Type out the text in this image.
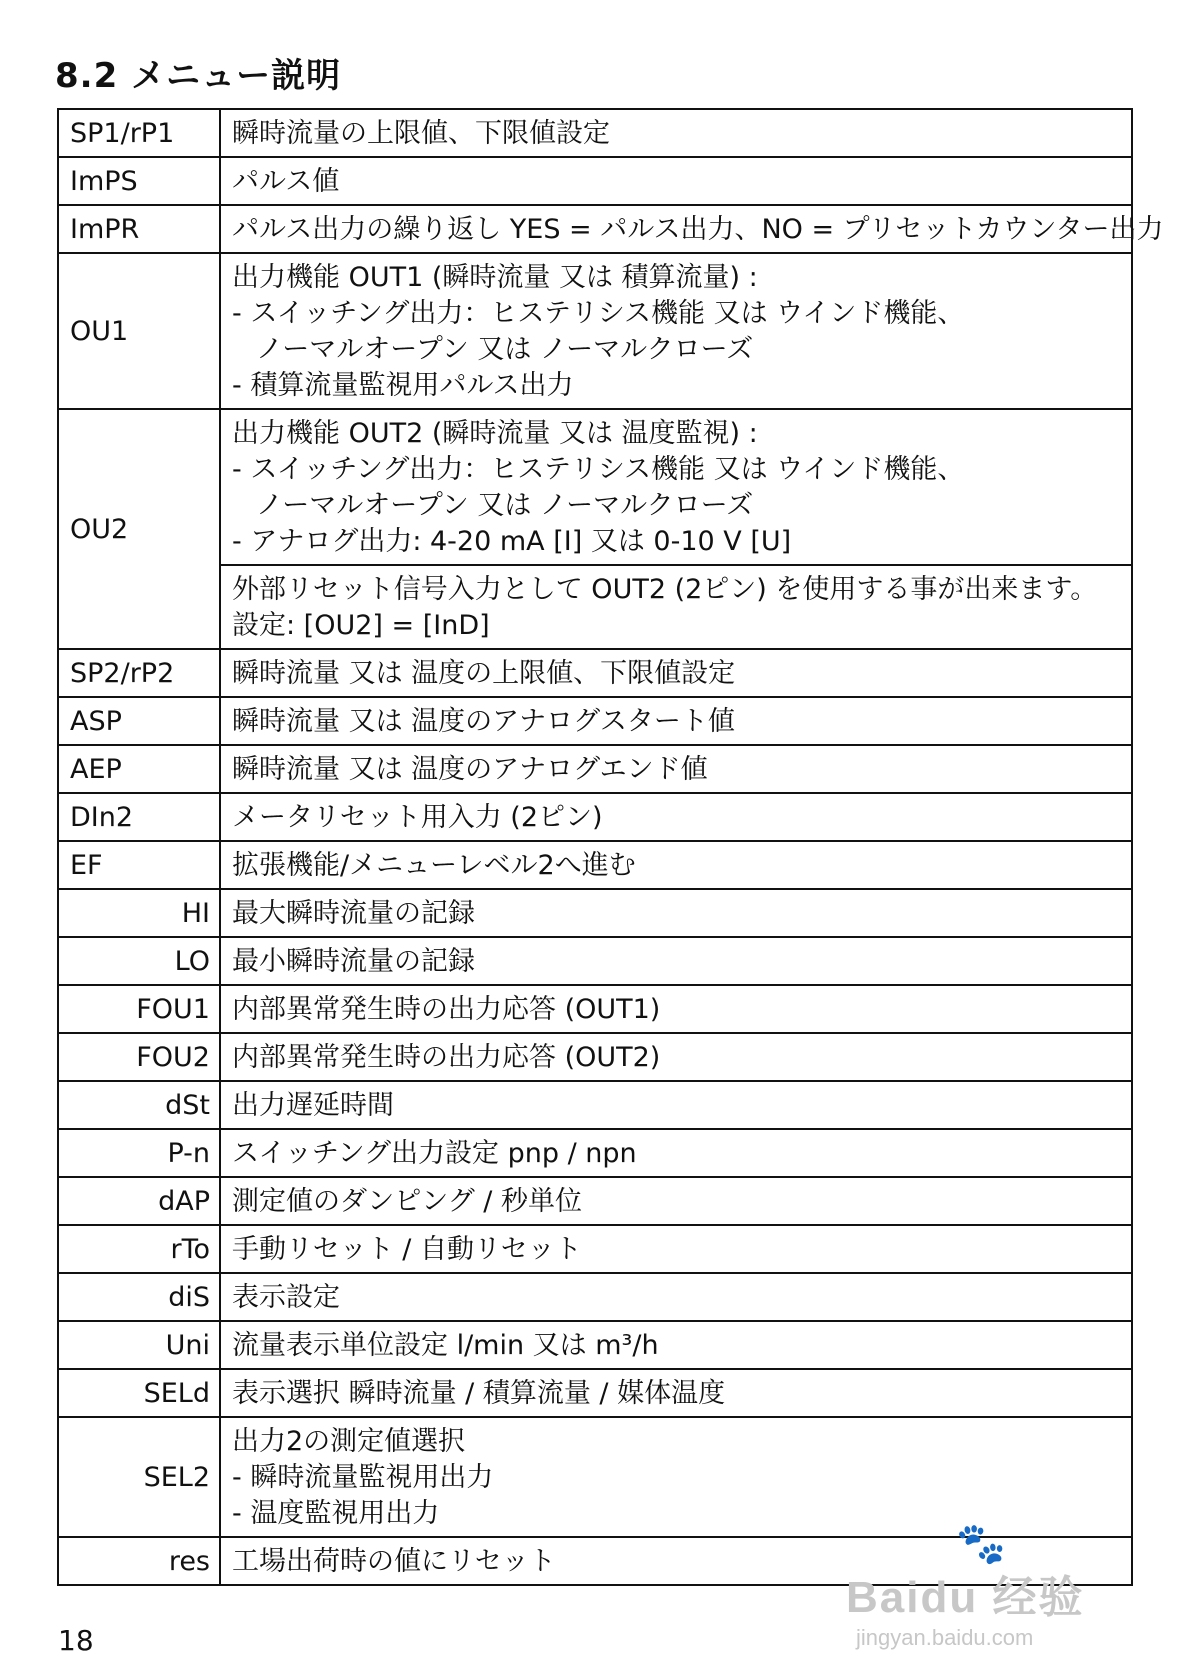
8.2 メニュー説明
SP1/rP1	瞬時流量の上限値、下限値設定

ImPS	パルス値

ImPR	パルス出力の繰り返し YES = パルス出力、NO = プリセットカウンター出力

OU1	出力機能 OUT1 (瞬時流量 又は 積算流量) :
- スイッチング出力：ヒステリシス機能 又は ウインド機能、
ノーマルオープン 又は ノーマルクローズ
- 積算流量監視用パルス出力

OU2	出力機能 OUT2 (瞬時流量 又は 温度監視) :
- スイッチング出力：ヒステリシス機能 又は ウインド機能、
ノーマルオープン 又は ノーマルクローズ
- アナログ出力: 4-20 mA [I] 又は 0-10 V [U]

	外部リセット信号入力として OUT2 (2ピン) を使用する事が出来ます。
設定: [OU2] = [InD]

SP2/rP2	瞬時流量 又は 温度の上限値、下限値設定

ASP	瞬時流量 又は 温度のアナログスタート値

AEP	瞬時流量 又は 温度のアナログエンド値

DIn2	メータリセット用入力 (2ピン)

EF	拡張機能/メニューレベル2へ進む

HI	最大瞬時流量の記録

LO	最小瞬時流量の記録

FOU1	内部異常発生時の出力応答 (OUT1)

FOU2	内部異常発生時の出力応答 (OUT2)

dSt	出力遅延時間

P-n	スイッチング出力設定 pnp / npn

dAP	測定値のダンピング / 秒単位

rTo	手動リセット / 自動リセット

diS	表示設定

Uni	流量表示単位設定 l/min 又は m³/h

SELd	表示選択 瞬時流量 / 積算流量 / 媒体温度

SEL2	出力2の測定値選択
- 瞬時流量監視用出力
- 温度監視用出力

res	工場出荷時の値にリセット
18
🐾
Baidu 经验
jingyan.baidu.com
